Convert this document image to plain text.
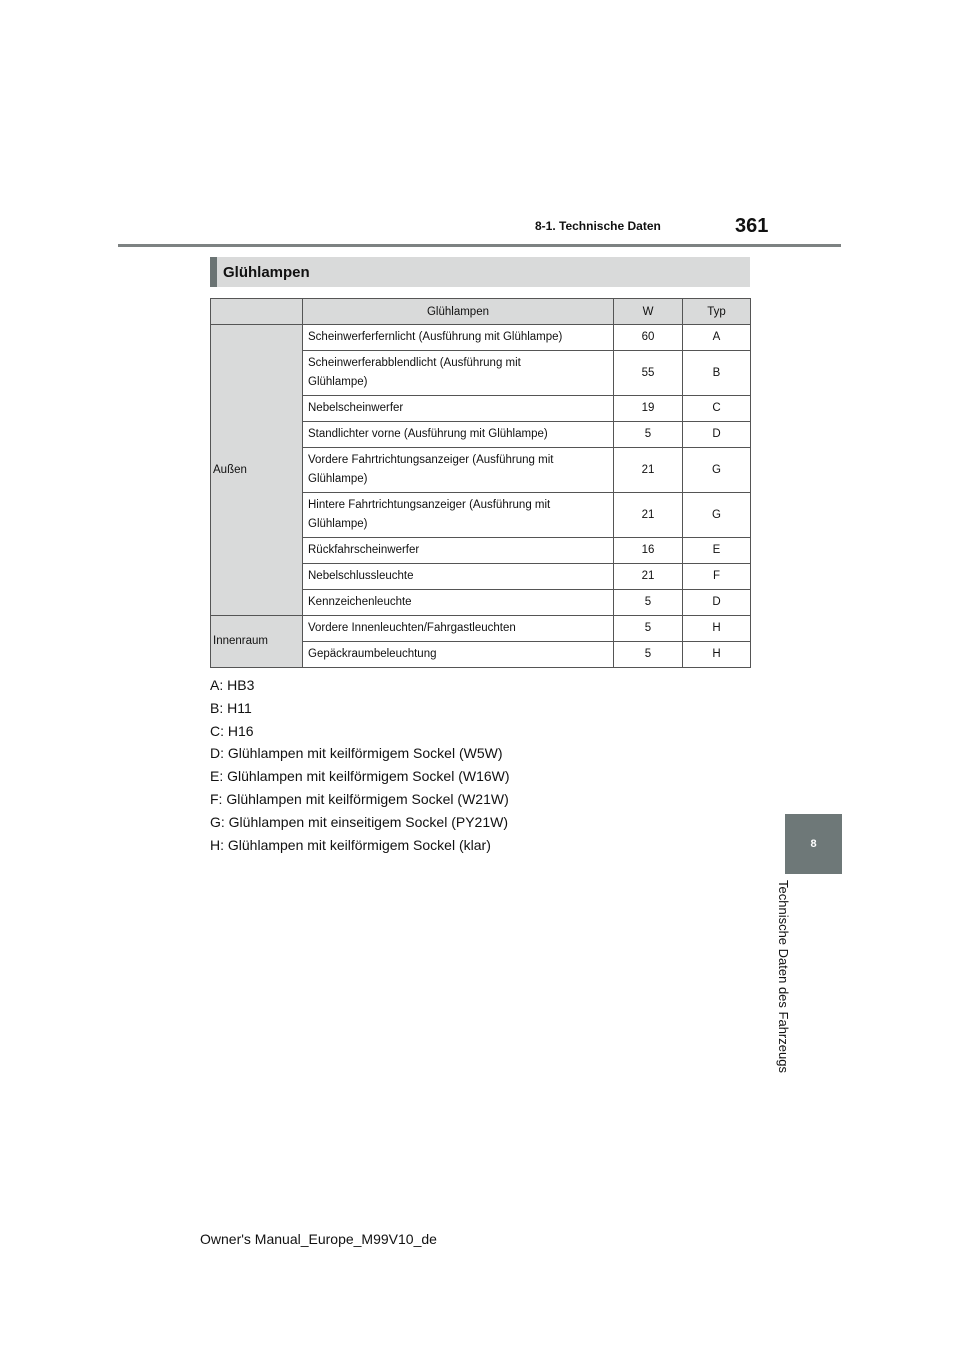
8-1. Technische Daten	361
Glühlampen
	Glühlampen	W	Typ
Außen	Scheinwerferfernlicht (Ausführung mit Glühlampe)	60	A
	Scheinwerferabblendlicht (Ausführung mit
Glühlampe)	55	B
	Nebelscheinwerfer	19	C
	Standlichter vorne (Ausführung mit Glühlampe)	5	D
	Vordere Fahrtrichtungsanzeiger (Ausführung mit
Glühlampe)	21	G
	Hintere Fahrtrichtungsanzeiger (Ausführung mit
Glühlampe)	21	G
	Rückfahrscheinwerfer	16	E
	Nebelschlussleuchte	21	F
	Kennzeichenleuchte	5	D
Innenraum	Vordere Innenleuchten/Fahrgastleuchten	5	H
	Gepäckraumbeleuchtung	5	H
A: HB3
B: H11
C: H16
D: Glühlampen mit keilförmigem Sockel (W5W)
E: Glühlampen mit keilförmigem Sockel (W16W)
F: Glühlampen mit keilförmigem Sockel (W21W)
G: Glühlampen mit einseitigem Sockel (PY21W)
H: Glühlampen mit keilförmigem Sockel (klar)	8
Technische Daten des Fahrzeugs
Owner's Manual_Europe_M99V10_de
